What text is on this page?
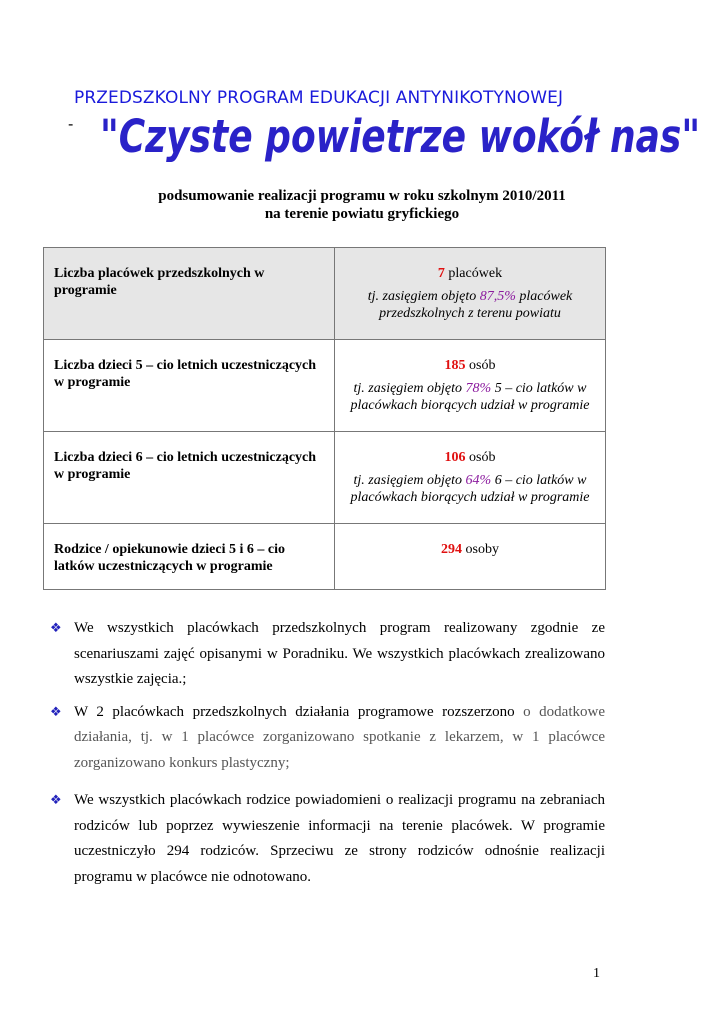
PRZEDSZKOLNY PROGRAM EDUKACJI ANTYNIKOTYNOWEJ
- "Czyste powietrze wokół nas"
podsumowanie realizacji programu w roku szkolnym 2010/2011
na terenie powiatu gryfickiego
Liczba placówek przedszkolnych w programie	7 placówek
tj. zasięgiem objęto 87,5% placówek przedszkolnych z terenu powiatu

Liczba dzieci 5 – cio letnich uczestniczących w programie	185 osób
tj. zasięgiem objęto 78% 5 – cio latków w placówkach biorących udział w programie

Liczba dzieci 6 – cio letnich uczestniczących w programie	106 osób
tj. zasięgiem objęto 64% 6 – cio latków w placówkach biorących udział w programie

Rodzice / opiekunowie dzieci 5 i 6 – cio latków uczestniczących w programie	294 osoby
❖ We wszystkich placówkach przedszkolnych program realizowany zgodnie ze scenariuszami zajęć opisanymi w Poradniku. We wszystkich placówkach zrealizowano wszystkie zajęcia.;
❖ W 2 placówkach przedszkolnych działania programowe rozszerzono o dodatkowe działania, tj. w 1 placówce zorganizowano spotkanie z lekarzem, w 1 placówce zorganizowano konkurs plastyczny;
❖ We wszystkich placówkach rodzice powiadomieni o realizacji programu na zebraniach rodziców lub poprzez wywieszenie informacji na terenie placówek. W programie uczestniczyło 294 rodziców. Sprzeciwu ze strony rodziców odnośnie realizacji programu w placówce nie odnotowano.
1
